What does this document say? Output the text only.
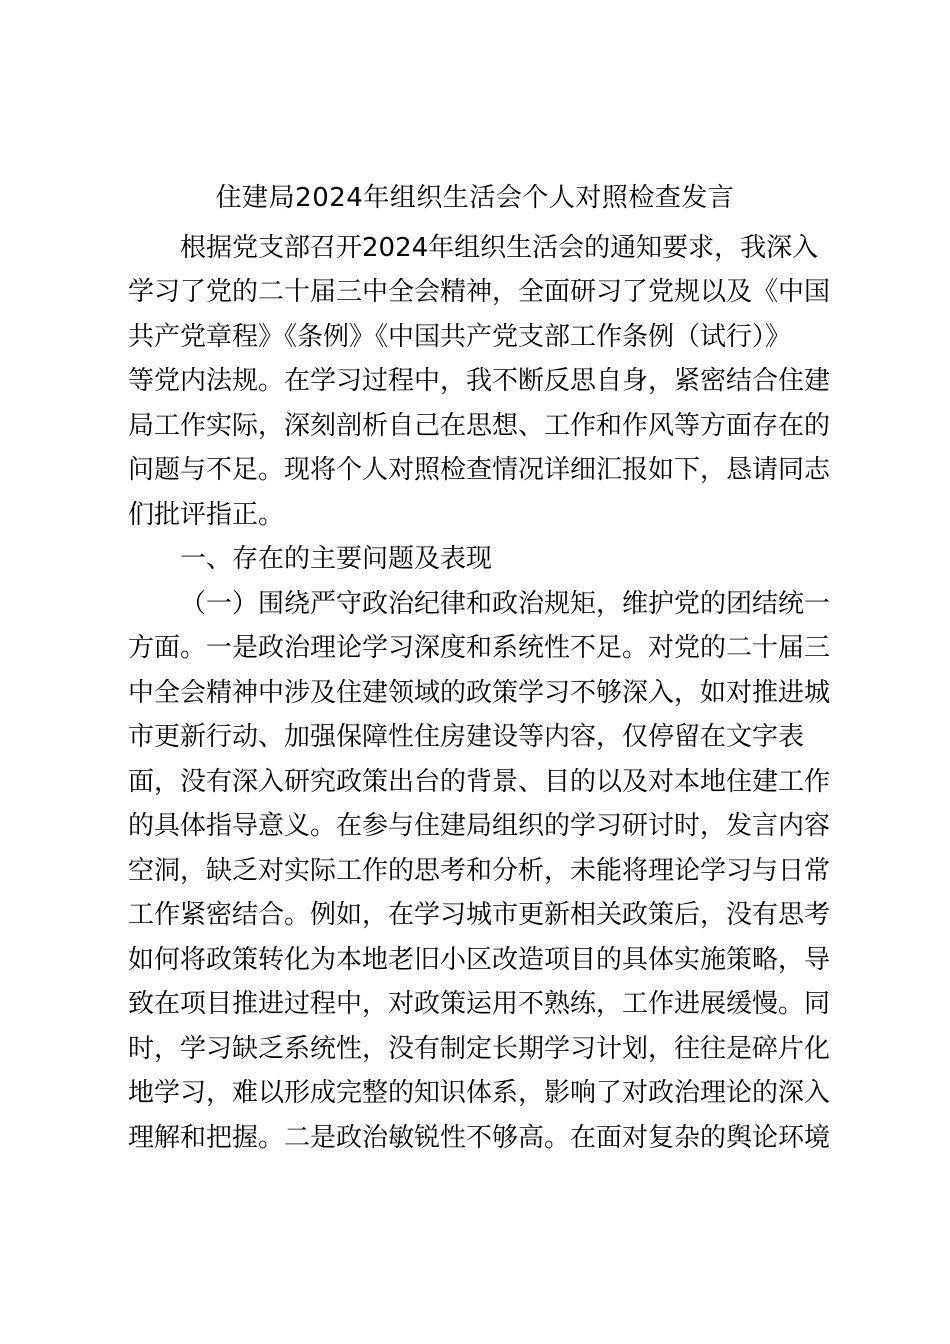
住建局2024年组织生活会个人对照检查发言
根据党支部召开2024年组织生活会的通知要求，我深入
学习了党的二十届三中全会精神，全面研习了党规以及《中国
共产党章程》《条例》《中国共产党支部工作条例（试行）》
等党内法规。在学习过程中，我不断反思自身，紧密结合住建
局工作实际，深刻剖析自己在思想、工作和作风等方面存在的
问题与不足。现将个人对照检查情况详细汇报如下，恳请同志
们批评指正。
一、存在的主要问题及表现
（一）围绕严守政治纪律和政治规矩，维护党的团结统一
方面。一是政治理论学习深度和系统性不足。对党的二十届三
中全会精神中涉及住建领域的政策学习不够深入，如对推进城
市更新行动、加强保障性住房建设等内容，仅停留在文字表
面，没有深入研究政策出台的背景、目的以及对本地住建工作
的具体指导意义。在参与住建局组织的学习研讨时，发言内容
空洞，缺乏对实际工作的思考和分析，未能将理论学习与日常
工作紧密结合。例如，在学习城市更新相关政策后，没有思考
如何将政策转化为本地老旧小区改造项目的具体实施策略，导
致在项目推进过程中，对政策运用不熟练，工作进展缓慢。同
时，学习缺乏系统性，没有制定长期学习计划，往往是碎片化
地学习，难以形成完整的知识体系，影响了对政治理论的深入
理解和把握。二是政治敏锐性不够高。在面对复杂的舆论环境
